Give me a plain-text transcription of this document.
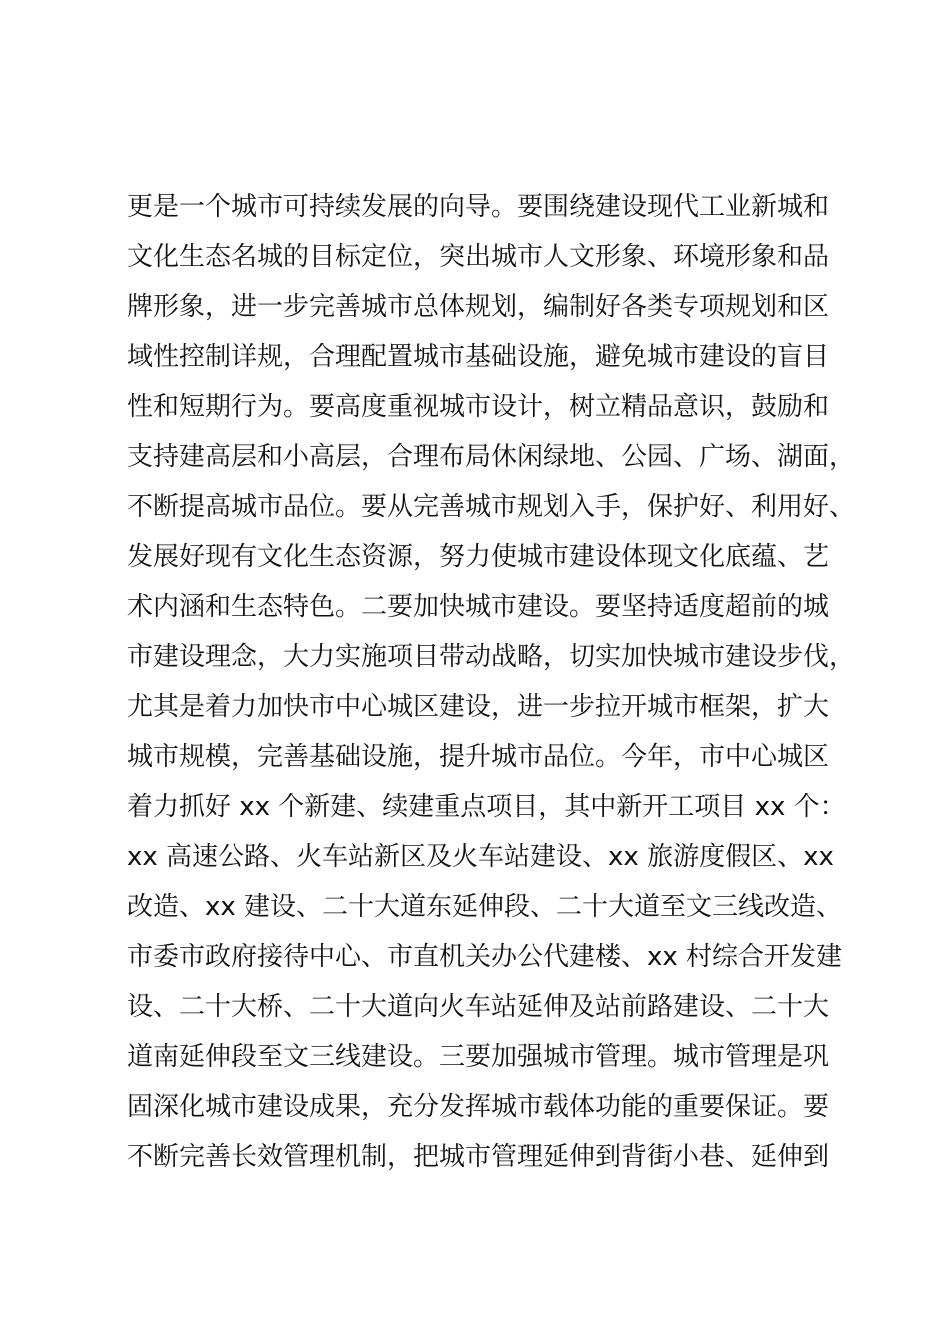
更是一个城市可持续发展的向导。要围绕建设现代工业新城和
文化生态名城的目标定位，突出城市人文形象、环境形象和品
牌形象，进一步完善城市总体规划，编制好各类专项规划和区
域性控制详规，合理配置城市基础设施，避免城市建设的盲目
性和短期行为。要高度重视城市设计，树立精品意识，鼓励和
支持建高层和小高层，合理布局休闲绿地、公园、广场、湖面，
不断提高城市品位。要从完善城市规划入手，保护好、利用好、
发展好现有文化生态资源，努力使城市建设体现文化底蕴、艺
术内涵和生态特色。二要加快城市建设。要坚持适度超前的城
市建设理念，大力实施项目带动战略，切实加快城市建设步伐，
尤其是着力加快市中心城区建设，进一步拉开城市框架，扩大
城市规模，完善基础设施，提升城市品位。今年，市中心城区
着力抓好 xx 个新建、续建重点项目，其中新开工项目 xx 个：
xx 高速公路、火车站新区及火车站建设、xx 旅游度假区、xx
改造、xx 建设、二十大道东延伸段、二十大道至文三线改造、
市委市政府接待中心、市直机关办公代建楼、xx 村综合开发建
设、二十大桥、二十大道向火车站延伸及站前路建设、二十大
道南延伸段至文三线建设。三要加强城市管理。城市管理是巩
固深化城市建设成果，充分发挥城市载体功能的重要保证。要
不断完善长效管理机制，把城市管理延伸到背街小巷、延伸到
